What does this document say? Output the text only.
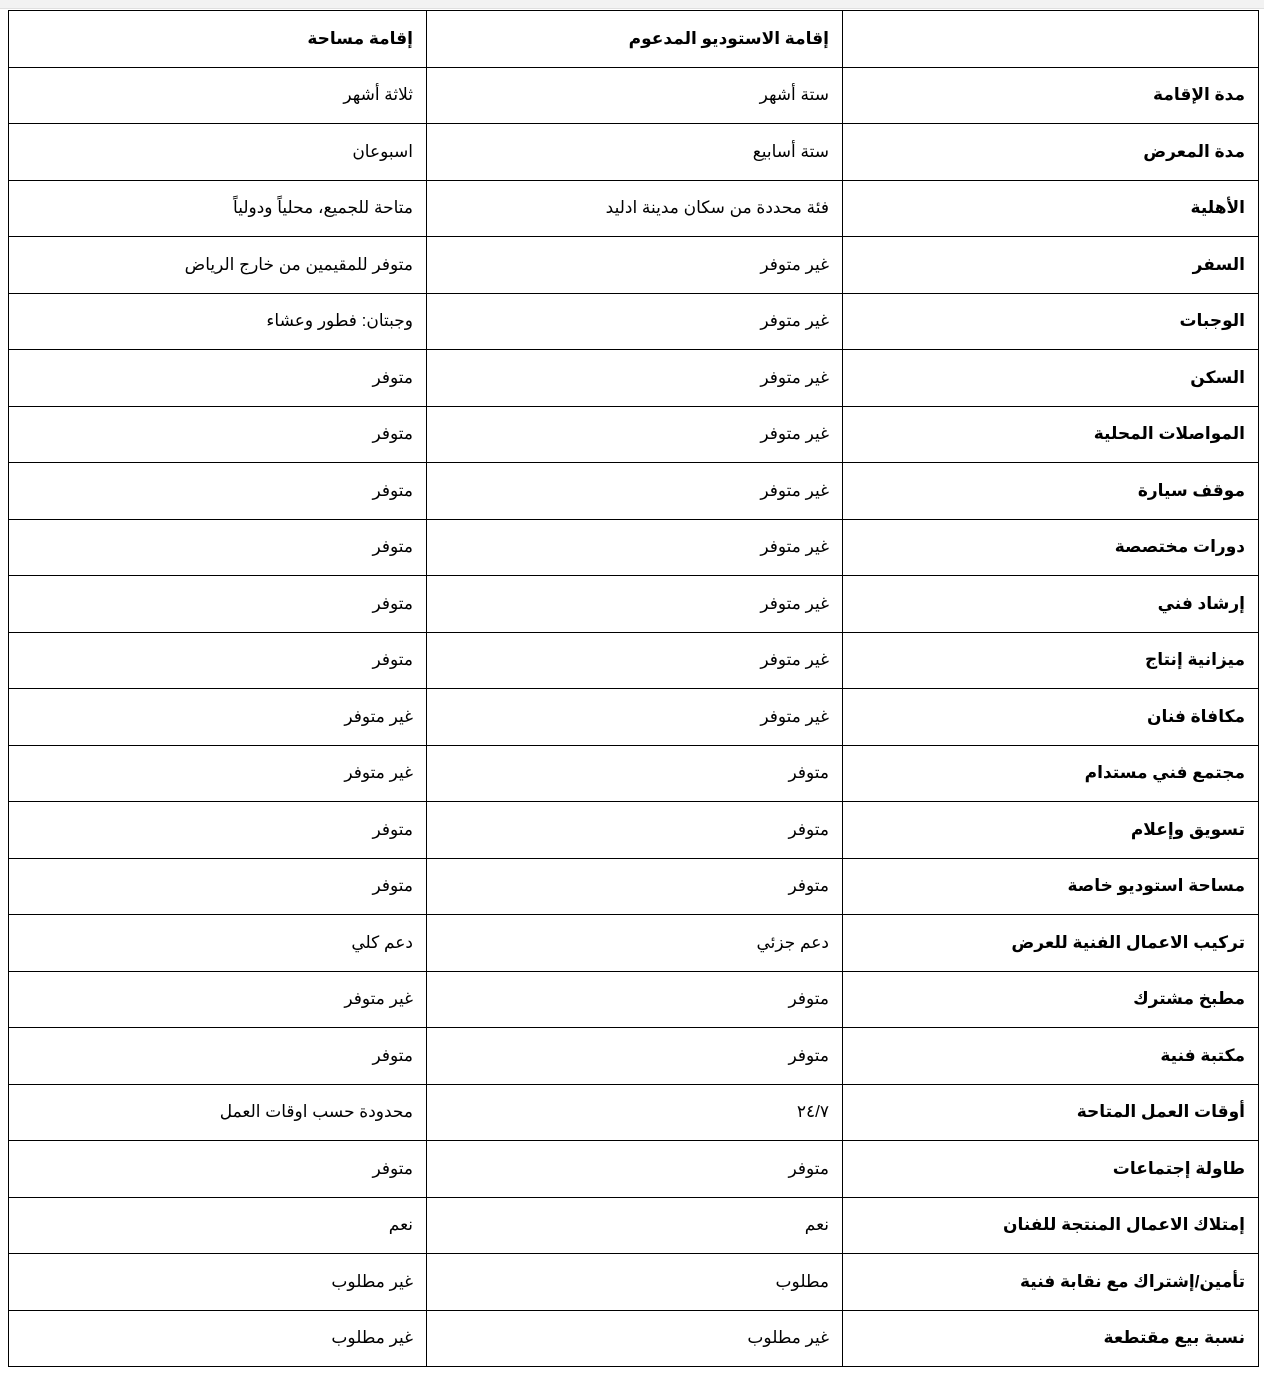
	إقامة الاستوديو المدعوم	إقامة مساحة
مدة الإقامة	ستة أشهر	ثلاثة أشهر
مدة المعرض	ستة أسابيع	اسبوعان
الأهلية	فئة محددة من سكان مدينة ادليد	متاحة للجميع، محلياً ودولياً
السفر	غير متوفر	متوفر للمقيمين من خارج الرياض
الوجبات	غير متوفر	وجبتان: فطور وعشاء
السكن	غير متوفر	متوفر
المواصلات المحلية	غير متوفر	متوفر
موقف سيارة	غير متوفر	متوفر
دورات مختصصة	غير متوفر	متوفر
إرشاد فني	غير متوفر	متوفر
ميزانية إنتاج	غير متوفر	متوفر
مكافاة فنان	غير متوفر	غير متوفر
مجتمع فني مستدام	متوفر	غير متوفر
تسويق وإعلام	متوفر	متوفر
مساحة استوديو خاصة	متوفر	متوفر
تركيب الاعمال الفنية للعرض	دعم جزئي	دعم كلي
مطبخ مشترك	متوفر	غير متوفر
مكتبة فنية	متوفر	متوفر
أوقات العمل المتاحة	٢٤/٧	محدودة حسب اوقات العمل
طاولة إجتماعات	متوفر	متوفر
إمتلاك الاعمال المنتجة للفنان	نعم	نعم
تأمين/إشتراك مع نقابة فنية	مطلوب	غير مطلوب
نسبة بيع مقتطعة	غير مطلوب	غير مطلوب
